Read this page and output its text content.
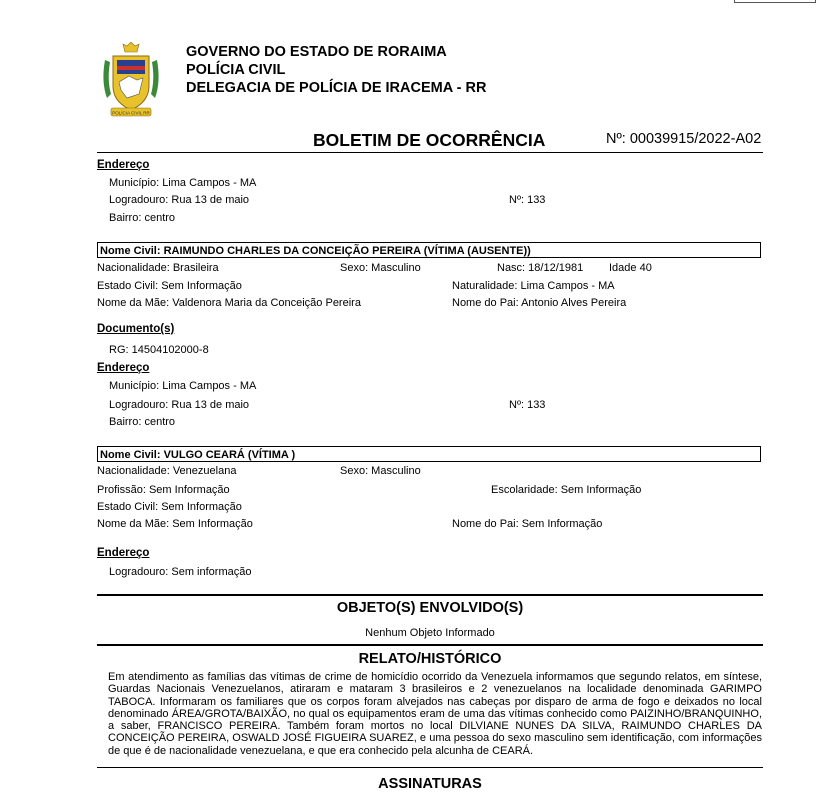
POLÍCIA CIVIL RR
GOVERNO DO ESTADO DE RORAIMA
POLÍCIA CIVIL
DELEGACIA DE POLÍCIA DE IRACEMA - RR
BOLETIM DE OCORRÊNCIA	Nº: 00039915/2022-A02
Endereço
Município: Lima Campos - MA
Logradouro: Rua 13 de maio	Nº: 133
Bairro: centro
Nome Civil: RAIMUNDO CHARLES DA CONCEIÇÃO PEREIRA (VÍTIMA (AUSENTE))
Nacionalidade: Brasileira	Sexo: Masculino	Nasc: 18/12/1981 Idade 40
Estado Civil: Sem Informação	Naturalidade: Lima Campos - MA
Nome da Mãe: Valdenora Maria da Conceição Pereira	Nome do Pai: Antonio Alves Pereira
Documento(s)
RG: 14504102000-8
Endereço
Município: Lima Campos - MA
Logradouro: Rua 13 de maio	Nº: 133
Bairro: centro
Nome Civil: VULGO CEARÁ (VÍTIMA )
Nacionalidade: Venezuelana	Sexo: Masculino
Profissão: Sem Informação	Escolaridade: Sem Informação
Estado Civil: Sem Informação
Nome da Mãe: Sem Informação	Nome do Pai: Sem Informação
Endereço
Logradouro: Sem informação
OBJETO(S) ENVOLVIDO(S)
Nenhum Objeto Informado
RELATO/HISTÓRICO

Em atendimento as famílias das vítimas de crime de homicídio ocorrido da Venezuela informamos que segundo relatos, em síntese, Guardas Nacionais Venezuelanos, atiraram e mataram 3 brasileiros e 2 venezuelanos na localidade denominada GARIMPO TABOCA. Informaram os familiares que os corpos foram alvejados nas cabeças por disparo de arma de fogo e deixados no local denominado ÁREA/GROTA/BAIXÃO, no qual os equipamentos eram de uma das vítimas conhecido como PAIZINHO/BRANQUINHO, a saber, FRANCISCO PEREIRA. Também foram mortos no local DILVIANE NUNES DA SILVA, RAIMUNDO CHARLES DA CONCEIÇÃO PEREIRA, OSWALD JOSÉ FIGUEIRA SUAREZ, e uma pessoa do sexo masculino sem identificação, com informações de que é de nacionalidade venezuelana, e que era conhecido pela alcunha de CEARÁ.

ASSINATURAS
